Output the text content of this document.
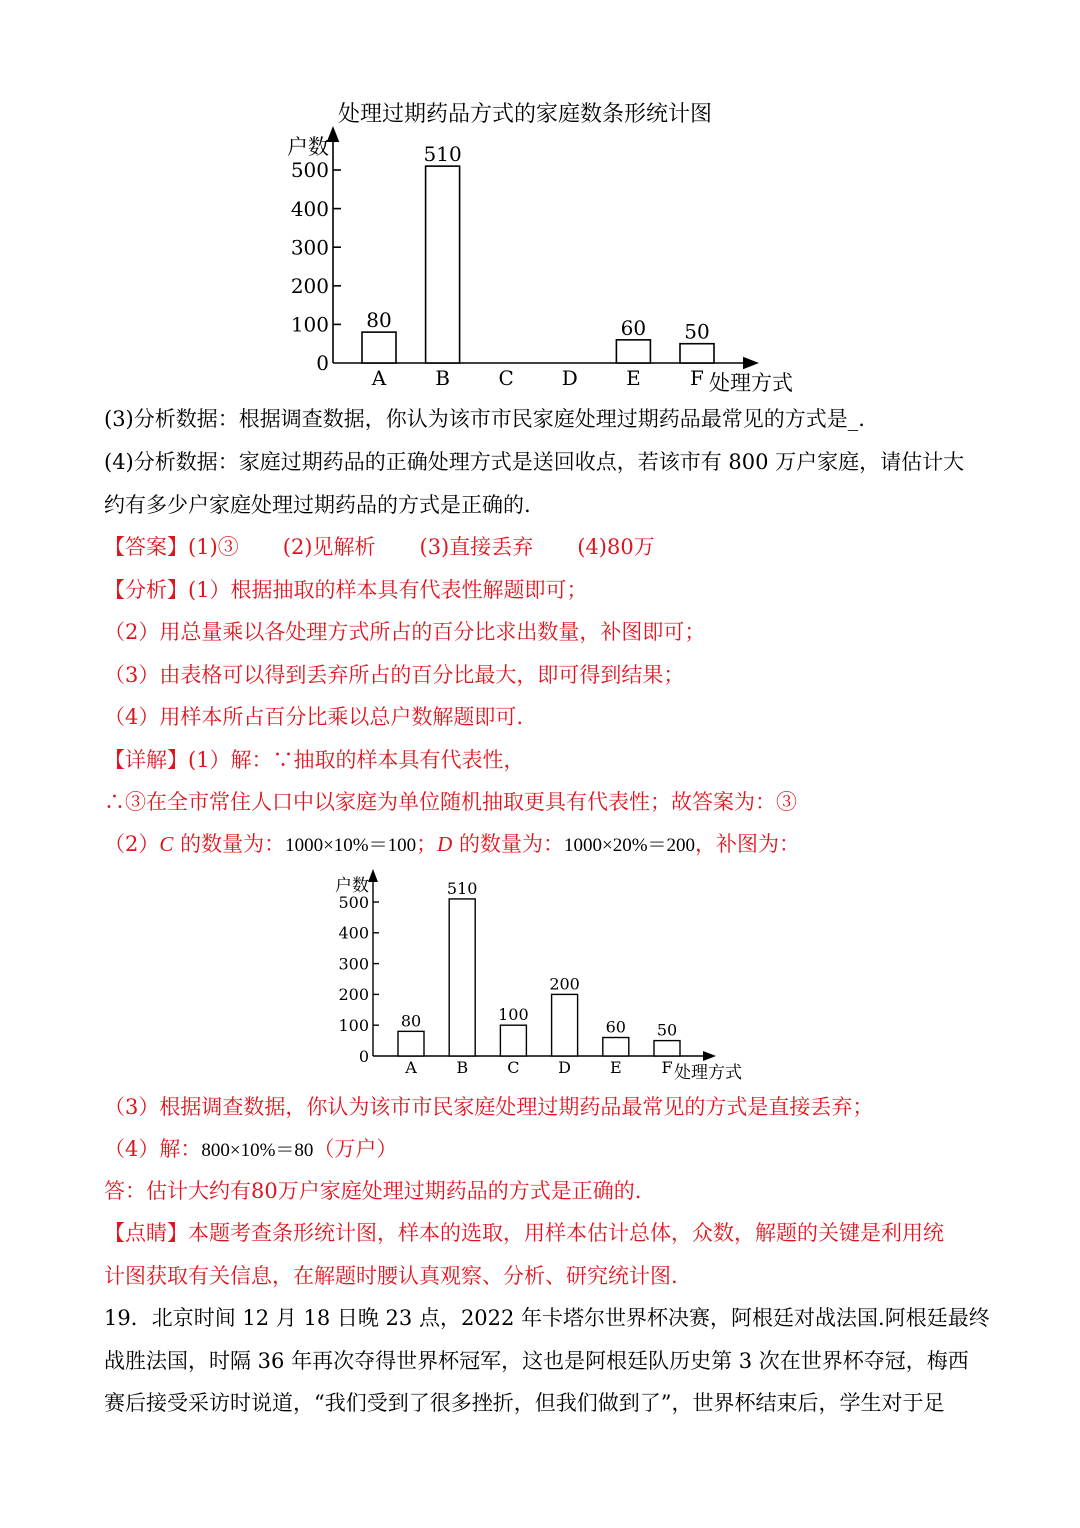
处理过期药品方式的家庭数条形统计图
户数
处理方式
0
100
200
300
400
500
A
80
B
510
C D E
60
F
50
(3)分析数据：根据调查数据，你认为该市市民家庭处理过期药品最常见的方式是_.
(4)分析数据：家庭过期药品的正确处理方式是送回收点，若该市有 800 万户家庭，请估计大
约有多少户家庭处理过期药品的方式是正确的.
【答案】(1)③ (2)见解析 (3)直接丢弃 (4)80万
【分析】(1）根据抽取的样本具有代表性解题即可；
（2）用总量乘以各处理方式所占的百分比求出数量，补图即可；
（3）由表格可以得到丢弃所占的百分比最大，即可得到结果；
（4）用样本所占百分比乘以总户数解题即可.
【详解】(1）解：∵抽取的样本具有代表性，
∴③在全市常住人口中以家庭为单位随机抽取更具有代表性；故答案为：③
（2）C 的数量为：1000×10%＝100；D 的数量为：1000×20%＝200，补图为：
户数
处理方式
0
100
200
300
400
500
A
80
B
510
C
100
D
200
E
60
F
50
（3）根据调查数据，你认为该市市民家庭处理过期药品最常见的方式是直接丢弃；
（4）解：800×10%＝80（万户）
答：估计大约有80万户家庭处理过期药品的方式是正确的.
【点睛】本题考查条形统计图，样本的选取，用样本估计总体，众数，解题的关键是利用统
计图获取有关信息，在解题时腰认真观察、分析、研究统计图.
19．北京时间 12 月 18 日晚 23 点，2022 年卡塔尔世界杯决赛，阿根廷对战法国.阿根廷最终
战胜法国，时隔 36 年再次夺得世界杯冠军，这也是阿根廷队历史第 3 次在世界杯夺冠，梅西
赛后接受采访时说道，“我们受到了很多挫折，但我们做到了”，世界杯结束后，学生对于足
